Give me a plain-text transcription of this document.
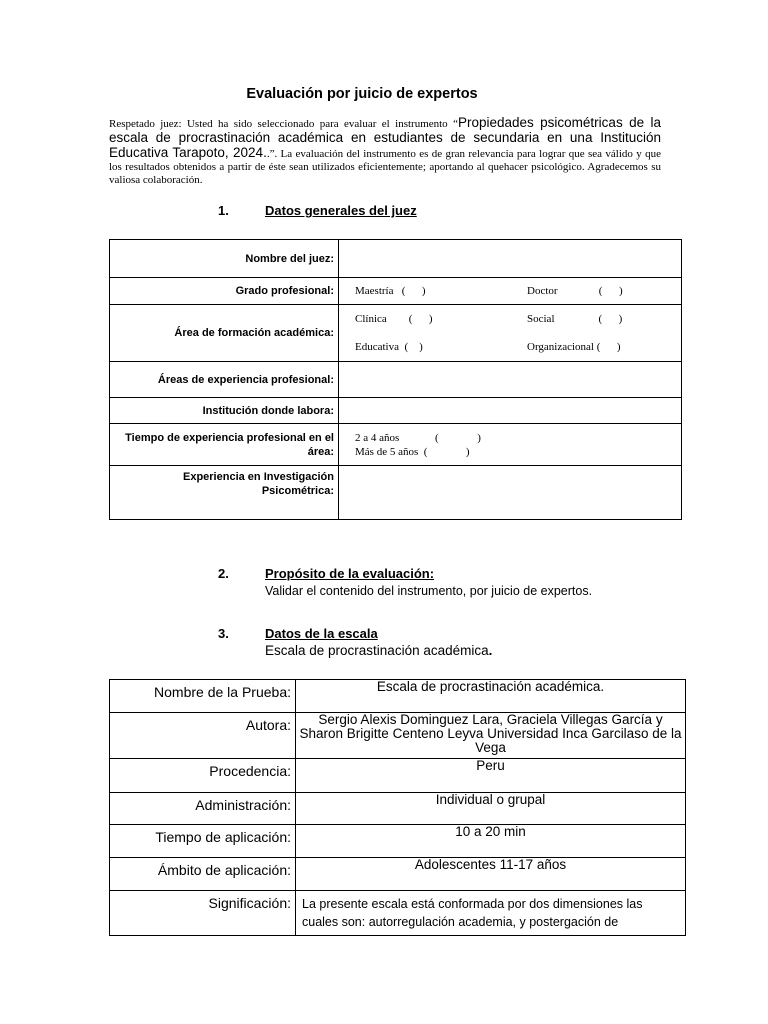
Evaluación por juicio de expertos
Respetado juez: Usted ha sido seleccionado para evaluar el instrumento “Propiedades psicométricas de la escala de procrastinación académica en estudiantes de secundaria en una Institución Educativa Tarapoto, 2024..”. La evaluación del instrumento es de gran relevancia para lograr que sea válido y que los resultados obtenidos a partir de éste sean utilizados eficientemente; aportando al quehacer psicológico. Agradecemos su valiosa colaboración.
1.	Datos generales del juez
Nombre del juez:	
Grado profesional:	Maestría   (      ) Doctor               (      )
Área de formación académica:	Clínica        (      ) Social                (      )
Educativa  (    ) Organizacional (      )

Áreas de experiencia profesional:	
Institución donde labora:	
Tiempo de experiencia profesional en el área:	2 a 4 años             (              )
Más de 5 años  (              )

Experiencia en Investigación Psicométrica:	
2.	Propósito de la evaluación:
Validar el contenido del instrumento, por juicio de expertos.
3.	Datos de la escala
Escala de procrastinación académica.
Nombre de la Prueba:	Escala de procrastinación académica.
Autora:	Sergio Alexis Dominguez Lara, Graciela Villegas García y Sharon Brigitte Centeno Leyva Universidad Inca Garcilaso de la Vega
Procedencia:	Peru
Administración:	Individual o grupal
Tiempo de aplicación:	10 a 20 min
Ámbito de aplicación:	Adolescentes 11-17 años
Significación:	La presente escala está conformada por dos dimensiones las cuales son: autorregulación academia, y postergación de
